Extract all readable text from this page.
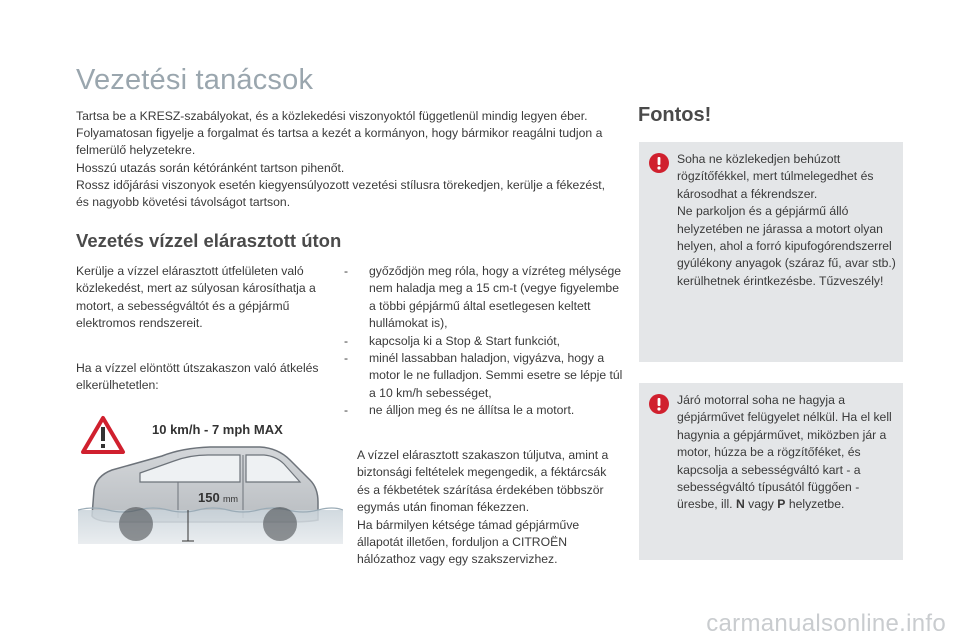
Vezetési tanácsok

Tartsa be a KRESZ-szabályokat, és a közlekedési viszonyoktól függetlenül mindig legyen éber.

Folyamatosan figyelje a forgalmat és tartsa a kezét a kormányon, hogy bármikor reagálni tudjon a felmerülő helyzetekre.

Hosszú utazás során kétóránként tartson pihenőt.

Rossz időjárási viszonyok esetén kiegyensúlyozott vezetési stílusra törekedjen, kerülje a fékezést, és nagyobb követési távolságot tartson.

Vezetés vízzel elárasztott úton
Kerülje a vízzel elárasztott útfelületen való közlekedést, mert az súlyosan károsíthatja a motort, a sebességváltót és a gépjármű elektromos rendszereit.
Ha a vízzel elöntött útszakaszon való átkelés elkerülhetetlen:
- győződjön meg róla, hogy a vízréteg mélysége nem haladja meg a 15 cm-t (vegye figyelembe a többi gépjármű által esetlegesen keltett hullámokat is),
- kapcsolja ki a Stop & Start funkciót,
- minél lassabban haladjon, vigyázva, hogy a motor le ne fulladjon. Semmi esetre se lépje túl a 10 km/h sebességet,
- ne álljon meg és ne állítsa le a motort.

A vízzel elárasztott szakaszon túljutva, amint a biztonsági feltételek megengedik, a féktárcsák és a fékbetétek szárítása érdekében többször egymás után finoman fékezzen.

Ha bármilyen kétsége támad gépjárműve állapotát illetően, forduljon a CITROËN hálózathoz vagy egy szakszervizhez.

10 km/h - 7 mph MAX
150 mm
Fontos!

Soha ne közlekedjen behúzott rögzítőfékkel, mert túlmelegedhet és károsodhat a fékrendszer.

Ne parkoljon és a gépjármű álló helyzetében ne járassa a motort olyan helyen, ahol a forró kipufogórendszerrel gyúlékony anyagok (száraz fű, avar stb.) kerülhetnek érintkezésbe. Tűzveszély!

Járó motorral soha ne hagyja a gépjárművet felügyelet nélkül. Ha el kell hagynia a gépjárművet, miközben jár a motor, húzza be a rögzítőféket, és kapcsolja a sebességváltó kart - a sebességváltó típusától függően - üresbe, ill. N vagy P helyzetbe.

carmanualsonline.info
